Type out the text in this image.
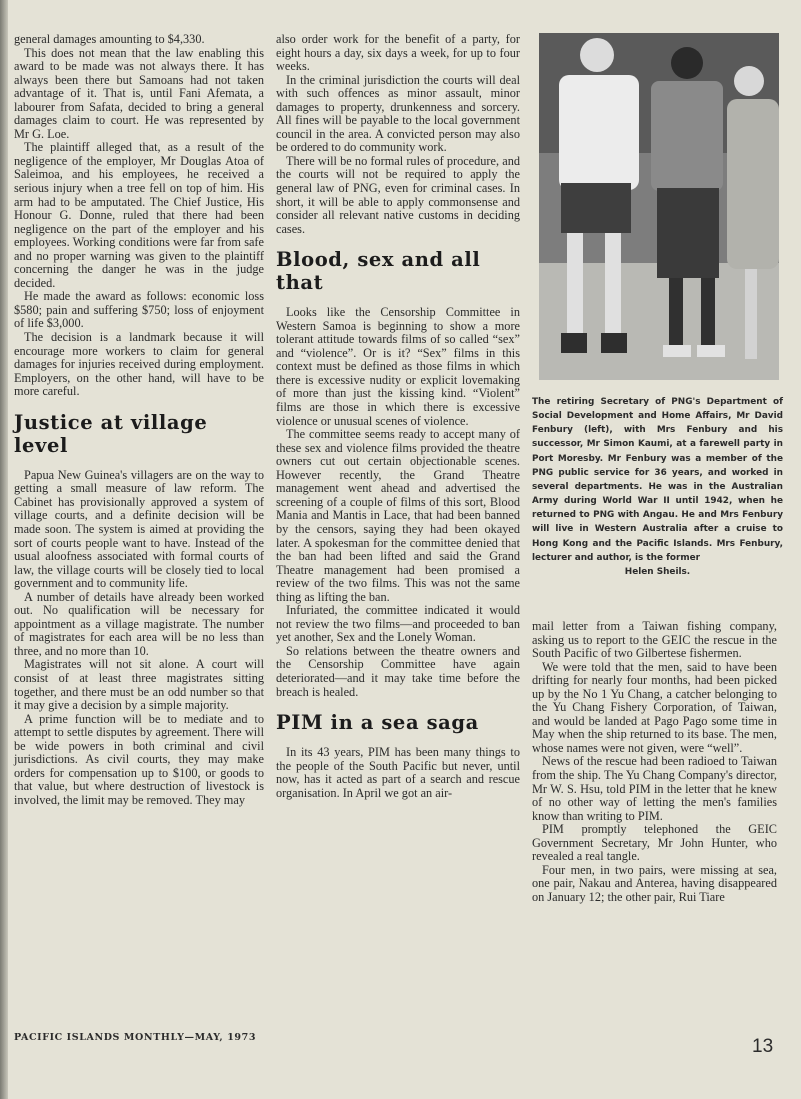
general damages amounting to $4,330.

This does not mean that the law enabling this award to be made was not always there. It has always been there but Samoans had not taken advantage of it. That is, until Fani Afemata, a labourer from Safata, decided to bring a general damages claim to court. He was represented by Mr G. Loe.

The plaintiff alleged that, as a result of the negligence of the employer, Mr Douglas Atoa of Saleimoa, and his employees, he received a serious injury when a tree fell on top of him. His arm had to be amputated. The Chief Justice, His Honour G. Donne, ruled that there had been negligence on the part of the employer and his employees. Working conditions were far from safe and no proper warning was given to the plaintiff concerning the danger he was in the judge decided.

He made the award as follows: economic loss $580; pain and suffering $750; loss of enjoyment of life $3,000.

The decision is a landmark because it will encourage more workers to claim for general damages for injuries received during employment. Employers, on the other hand, will have to be more careful.

Justice at village level

Papua New Guinea's villagers are on the way to getting a small measure of law reform. The Cabinet has provisionally approved a system of village courts, and a definite decision will be made soon. The system is aimed at providing the sort of courts people want to have. Instead of the usual aloofness associated with formal courts of law, the village courts will be closely tied to local government and to community life.

A number of details have already been worked out. No qualification will be necessary for appointment as a village magistrate. The number of magistrates for each area will be no less than three, and no more than 10.

Magistrates will not sit alone. A court will consist of at least three magistrates sitting together, and there must be an odd number so that it may give a decision by a simple majority.

A prime function will be to mediate and to attempt to settle disputes by agreement. There will be wide powers in both criminal and civil jurisdictions. As civil courts, they may make orders for compensation up to $100, or goods to that value, but where destruction of livestock is involved, the limit may be removed. They may

also order work for the benefit of a party, for eight hours a day, six days a week, for up to four weeks.

In the criminal jurisdiction the courts will deal with such offences as minor assault, minor damages to property, drunkenness and sorcery. All fines will be payable to the local government council in the area. A convicted person may also be ordered to do community work.

There will be no formal rules of procedure, and the courts will not be required to apply the general law of PNG, even for criminal cases. In short, it will be able to apply commonsense and consider all relevant native customs in deciding cases.

Blood, sex and all that

Looks like the Censorship Committee in Western Samoa is beginning to show a more tolerant attitude towards films of so called “sex” and “violence”. Or is it? “Sex” films in this context must be defined as those films in which there is excessive nudity or explicit lovemaking of more than just the kissing kind. “Violent” films are those in which there is excessive violence or unusual scenes of violence.

The committee seems ready to accept many of these sex and violence films provided the theatre owners cut out certain objectionable scenes. However recently, the Grand Theatre management went ahead and advertised the screening of a couple of films of this sort, Blood Mania and Mantis in Lace, that had been banned by the censors, saying they had been okayed later. A spokesman for the committee denied that the ban had been lifted and said the Grand Theatre management had been promised a review of the two films. This was not the same thing as lifting the ban.

Infuriated, the committee indicated it would not review the two films—and proceeded to ban yet another, Sex and the Lonely Woman.

So relations between the theatre owners and the Censorship Committee have again deteriorated—and it may take time before the breach is healed.

PIM in a sea saga

In its 43 years, PIM has been many things to the people of the South Pacific but never, until now, has it acted as part of a search and rescue organisation. In April we got an air-

The retiring Secretary of PNG's Department of Social Development and Home Affairs, Mr David Fenbury (left), with Mrs Fenbury and his successor, Mr Simon Kaumi, at a farewell party in Port Moresby. Mr Fenbury was a member of the PNG public service for 36 years, and worked in several departments. He was in the Australian Army during World War II until 1942, when he returned to PNG with Angau. He and Mrs Fenbury will live in Western Australia after a cruise to Hong Kong and the Pacific Islands. Mrs Fenbury, lecturer and author, is the former
Helen Sheils.

mail letter from a Taiwan fishing company, asking us to report to the GEIC the rescue in the South Pacific of two Gilbertese fishermen.

We were told that the men, said to have been drifting for nearly four months, had been picked up by the No 1 Yu Chang, a catcher belonging to the Yu Chang Fishery Corporation, of Taiwan, and would be landed at Pago Pago some time in May when the ship returned to its base. The men, whose names were not given, were “well”.

News of the rescue had been radioed to Taiwan from the ship. The Yu Chang Company's director, Mr W. S. Hsu, told PIM in the letter that he knew of no other way of letting the men's families know than writing to PIM.

PIM promptly telephoned the GEIC Government Secretary, Mr John Hunter, who revealed a real tangle.

Four men, in two pairs, were missing at sea, one pair, Nakau and Anterea, having disappeared on January 12; the other pair, Rui Tiare

PACIFIC ISLANDS MONTHLY—MAY, 1973	13
